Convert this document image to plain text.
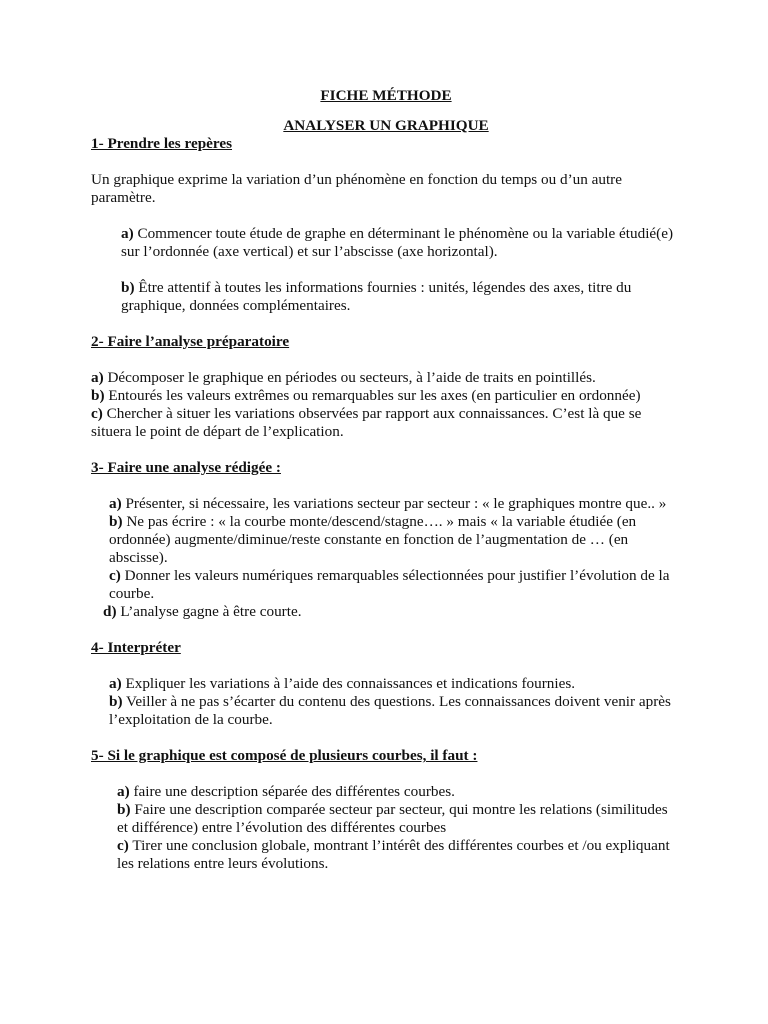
FICHE MÉTHODE

ANALYSER UN GRAPHIQUE

1- Prendre les repères

Un graphique exprime la variation d’un phénomène en fonction du temps ou d’un autre paramètre.

a) Commencer toute étude de graphe en déterminant le phénomène ou la variable étudié(e) sur l’ordonnée (axe vertical) et sur l’abscisse (axe horizontal).

b) Être attentif à toutes les informations fournies : unités, légendes des axes, titre du graphique, données complémentaires.

2- Faire l’analyse préparatoire

a) Décomposer le graphique en périodes ou secteurs, à l’aide de traits en pointillés.

b) Entourés les valeurs extrêmes ou remarquables sur les axes (en particulier en ordonnée)

c) Chercher à situer les variations observées par rapport aux connaissances. C’est là que se situera le point de départ de l’explication.

3- Faire une analyse rédigée :

a) Présenter, si nécessaire, les variations secteur par secteur : « le graphiques montre que.. »

b) Ne pas écrire : « la courbe monte/descend/stagne…. » mais « la variable étudiée (en ordonnée) augmente/diminue/reste constante en fonction de l’augmentation de … (en abscisse).

c) Donner les valeurs numériques remarquables sélectionnées pour justifier l’évolution de la courbe.

d) L’analyse gagne à être courte.

4- Interpréter

a) Expliquer les variations à l’aide des connaissances et indications fournies.

b) Veiller à ne pas s’écarter du contenu des questions. Les connaissances doivent venir après l’exploitation de la courbe.

5- Si le graphique est composé de plusieurs courbes, il faut :

a) faire une description séparée des différentes courbes.

b) Faire une description comparée secteur par secteur, qui montre les relations (similitudes et différence) entre l’évolution des différentes courbes

c) Tirer une conclusion globale, montrant l’intérêt des différentes courbes et /ou expliquant les relations entre leurs évolutions.
